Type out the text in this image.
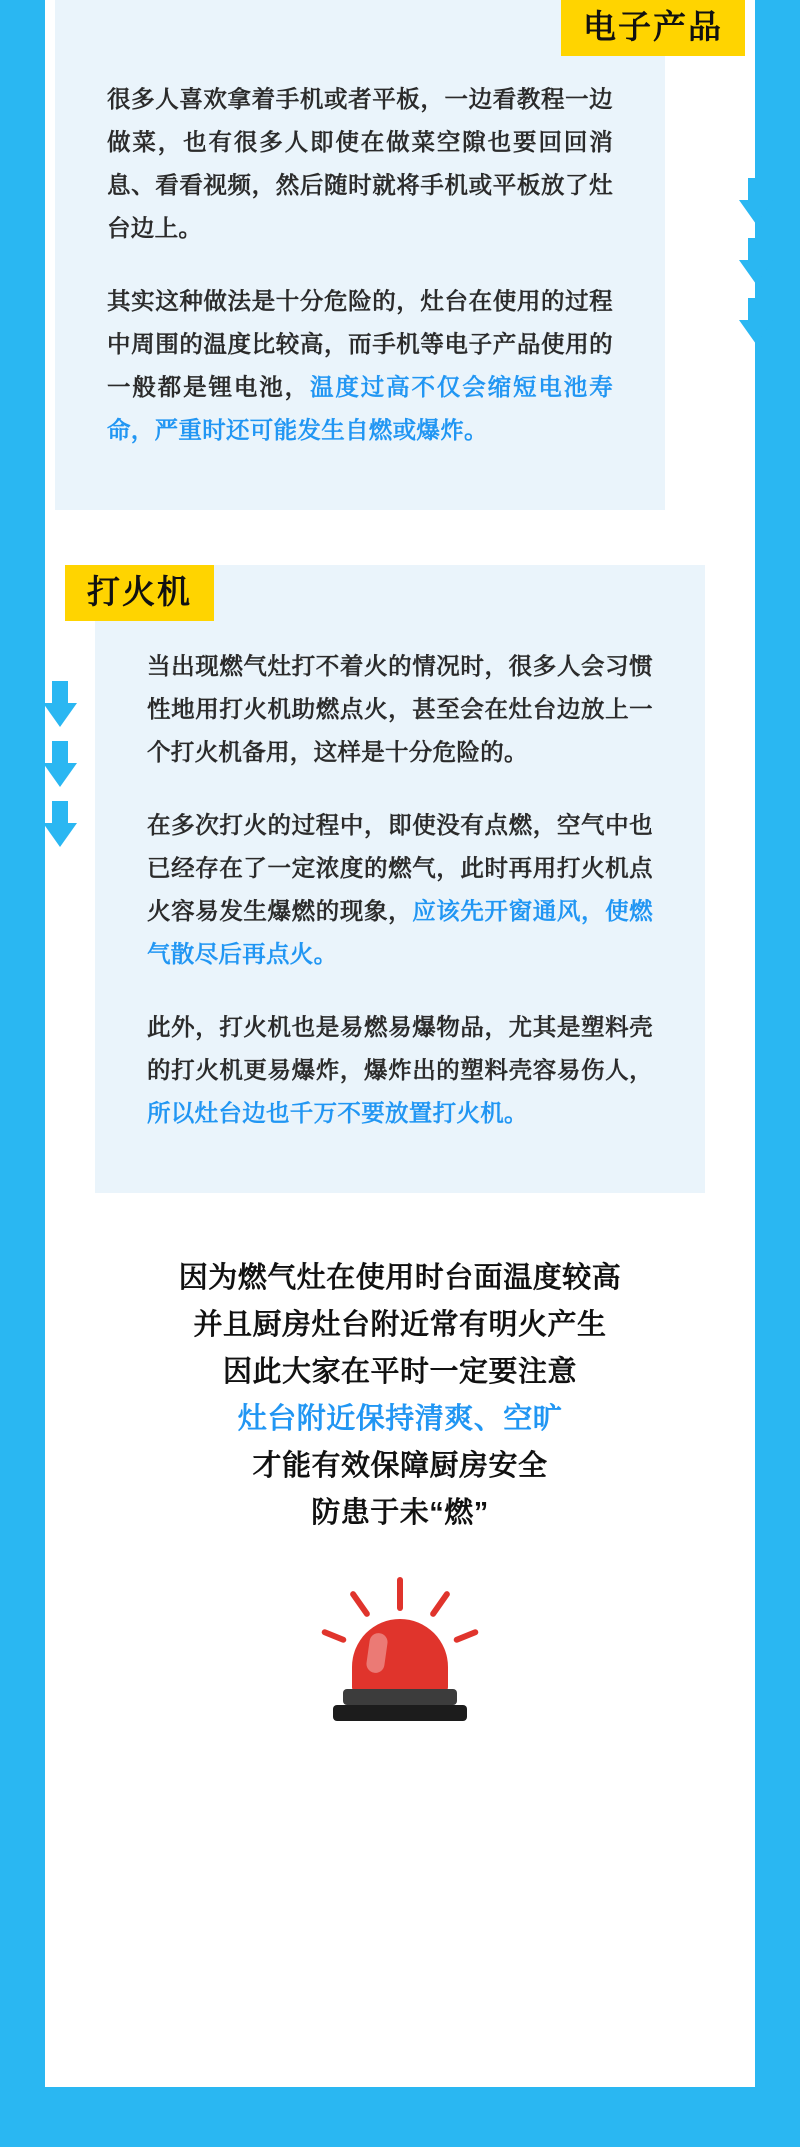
电子产品

很多人喜欢拿着手机或者平板，一边看教程一边做菜，也有很多人即使在做菜空隙也要回回消息、看看视频，然后随时就将手机或平板放了灶台边上。

其实这种做法是十分危险的，灶台在使用的过程中周围的温度比较高，而手机等电子产品使用的一般都是锂电池，温度过高不仅会缩短电池寿命，严重时还可能发生自燃或爆炸。

打火机

当出现燃气灶打不着火的情况时，很多人会习惯性地用打火机助燃点火，甚至会在灶台边放上一个打火机备用，这样是十分危险的。

在多次打火的过程中，即使没有点燃，空气中也已经存在了一定浓度的燃气，此时再用打火机点火容易发生爆燃的现象，应该先开窗通风，使燃气散尽后再点火。

此外，打火机也是易燃易爆物品，尤其是塑料壳的打火机更易爆炸，爆炸出的塑料壳容易伤人，所以灶台边也千万不要放置打火机。

因为燃气灶在使用时台面温度较高
并且厨房灶台附近常有明火产生
因此大家在平时一定要注意
灶台附近保持清爽、空旷
才能有效保障厨房安全
防患于未“燃”
